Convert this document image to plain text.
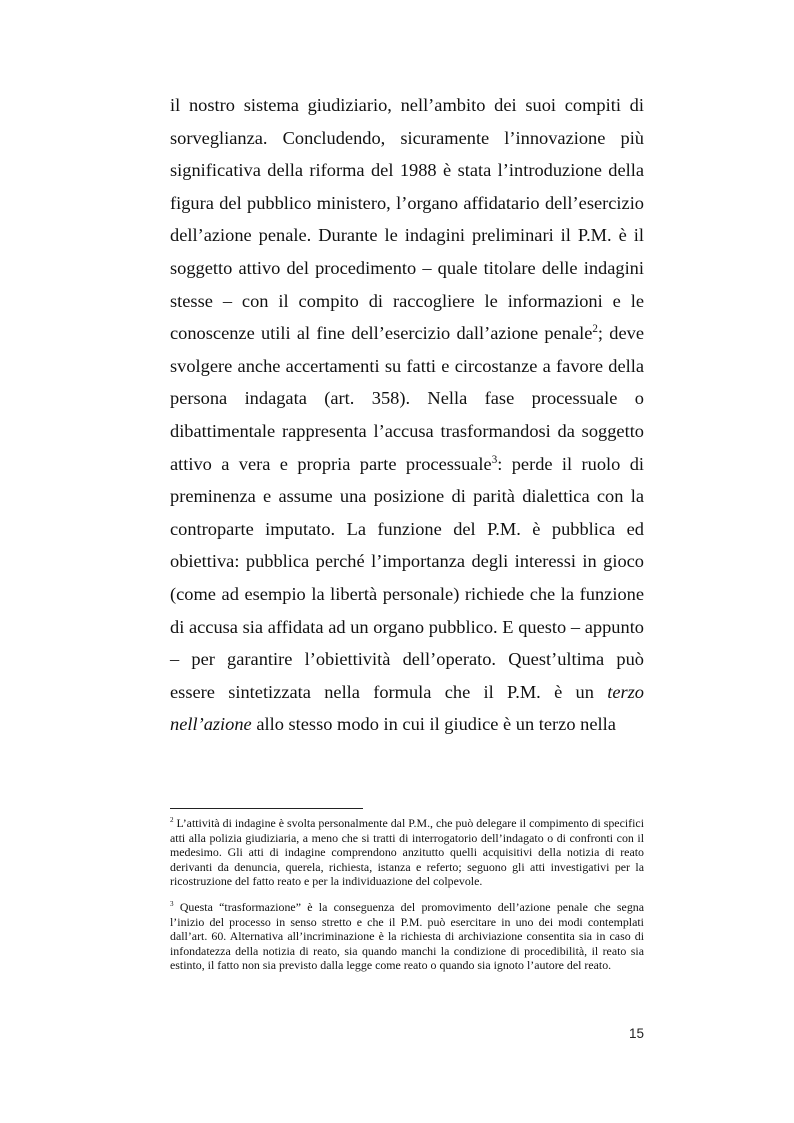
il nostro sistema giudiziario, nell’ambito dei suoi compiti di sorveglianza. Concludendo, sicuramente l’innovazione più significativa della riforma del 1988 è stata l’introduzione della figura del pubblico ministero, l’organo affidatario dell’esercizio dell’azione penale. Durante le indagini preliminari il P.M. è il soggetto attivo del procedimento – quale titolare delle indagini stesse – con il compito di raccogliere le informazioni e le conoscenze utili al fine dell’esercizio dall’azione penale$^2$; deve svolgere anche accertamenti su fatti e circostanze a favore della persona indagata (art. 358). Nella fase processuale o dibattimentale rappresenta l’accusa trasformandosi da soggetto attivo a vera e propria parte processuale$^3$: perde il ruolo di preminenza e assume una posizione di parità dialettica con la controparte imputato. La funzione del P.M. è pubblica ed obiettiva: pubblica perché l’importanza degli interessi in gioco (come ad esempio la libertà personale) richiede che la funzione di accusa sia affidata ad un organo pubblico. E questo – appunto – per garantire l’obiettività dell’operato. Quest’ultima può essere sintetizzata nella formula che il P.M. è un terzo nell’azione allo stesso modo in cui il giudice è un terzo nella

$^2$ L’attività di indagine è svolta personalmente dal P.M., che può delegare il compimento di specifici atti alla polizia giudiziaria, a meno che si tratti di interrogatorio dell’indagato o di confronti con il medesimo. Gli atti di indagine comprendono anzitutto quelli acquisitivi della notizia di reato derivanti da denuncia, querela, richiesta, istanza e referto; seguono gli atti investigativi per la ricostruzione del fatto reato e per la individuazione del colpevole.

$^3$ Questa “trasformazione” è la conseguenza del promovimento dell’azione penale che segna l’inizio del processo in senso stretto e che il P.M. può esercitare in uno dei modi contemplati dall’art. 60. Alternativa all’incriminazione è la richiesta di archiviazione consentita sia in caso di infondatezza della notizia di reato, sia quando manchi la condizione di procedibilità, il reato sia estinto, il fatto non sia previsto dalla legge come reato o quando sia ignoto l’autore del reato.

15
